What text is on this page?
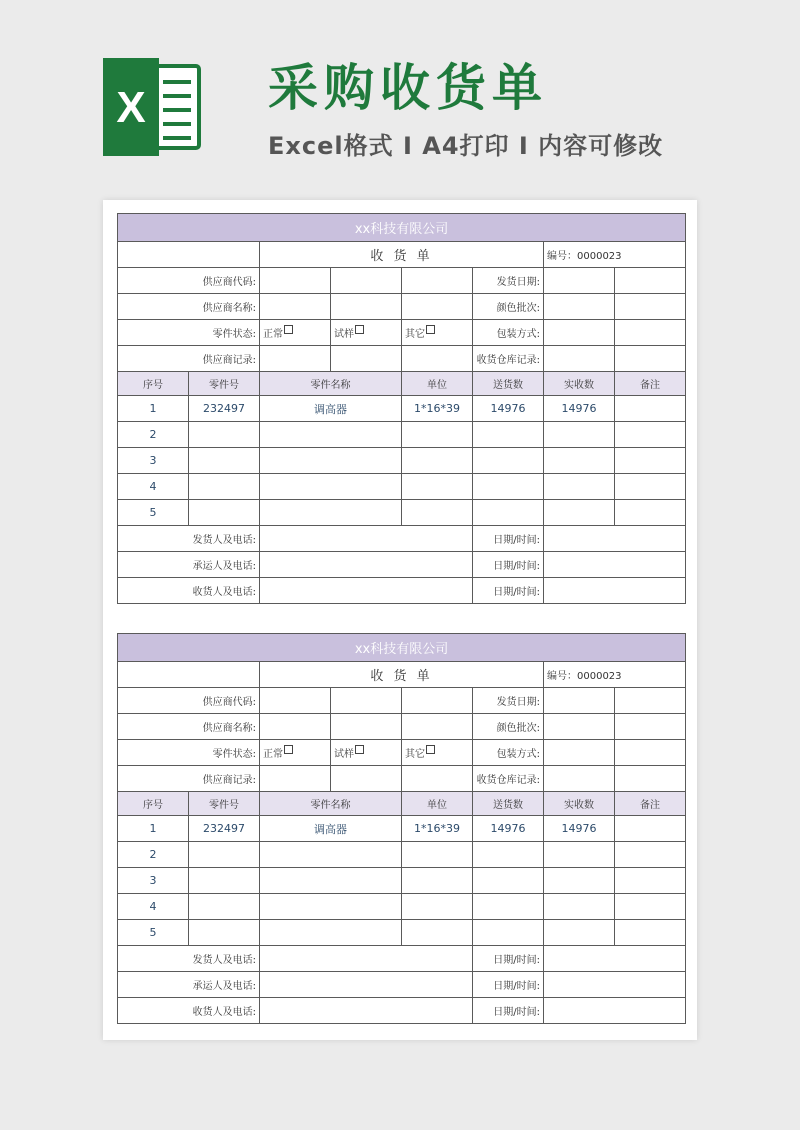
X 采购收货单
Excel格式 I A4打印 I 内容可修改
xx科技有限公司							
		收 货 单				编号：0000023	
供应商代码:					发货日期:		
供应商名称:					颜色批次:		
零件状态:		正常	试样	其它	包装方式:		
供应商记录:					收货仓库记录:		
序号	零件号	零件名称		单位	送货数	实收数	备注
1	232497	调高器		1*16*39	14976	14976	
2							
3							
4							
5							
发货人及电话:					日期/时间:		
承运人及电话:					日期/时间:		
收货人及电话:					日期/时间:		
xx科技有限公司							
		收 货 单				编号：0000023	
供应商代码:					发货日期:		
供应商名称:					颜色批次:		
零件状态:		正常	试样	其它	包装方式:		
供应商记录:					收货仓库记录:		
序号	零件号	零件名称		单位	送货数	实收数	备注
1	232497	调高器		1*16*39	14976	14976	
2							
3							
4							
5							
发货人及电话:					日期/时间:		
承运人及电话:					日期/时间:		
收货人及电话:					日期/时间:		
